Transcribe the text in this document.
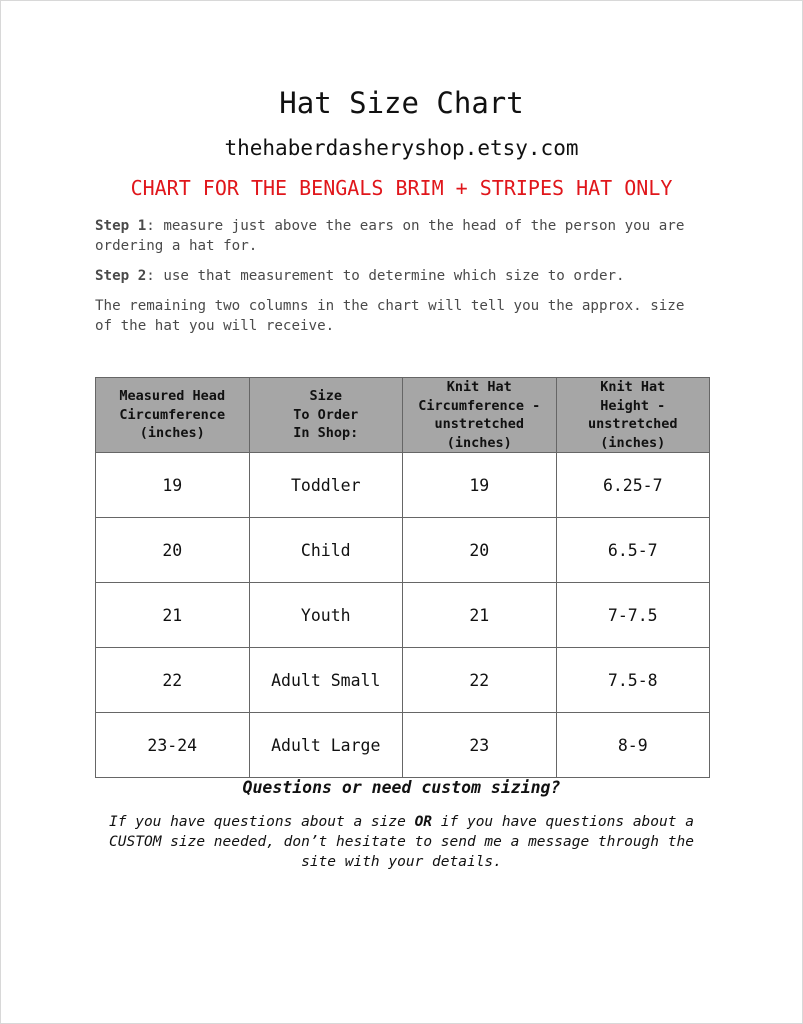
Hat Size Chart
thehaberdasheryshop.etsy.com
CHART FOR THE BENGALS BRIM + STRIPES HAT ONLY
Step 1: measure just above the ears on the head of the person you are ordering a hat for.
Step 2: use that measurement to determine which size to order.
The remaining two columns in the chart will tell you the approx. size of the hat you will receive.
Measured Head
Circumference
(inches)	Size
To Order
In Shop:	Knit Hat
Circumference -
unstretched
(inches)	Knit Hat
Height -
unstretched
(inches)
19	Toddler	19	6.25-7
20	Child	20	6.5-7
21	Youth	21	7-7.5
22	Adult Small	22	7.5-8
23-24	Adult Large	23	8-9
Questions or need custom sizing?
If you have questions about a size OR if you have questions about a CUSTOM size needed, don’t hesitate to send me a message through the site with your details.
